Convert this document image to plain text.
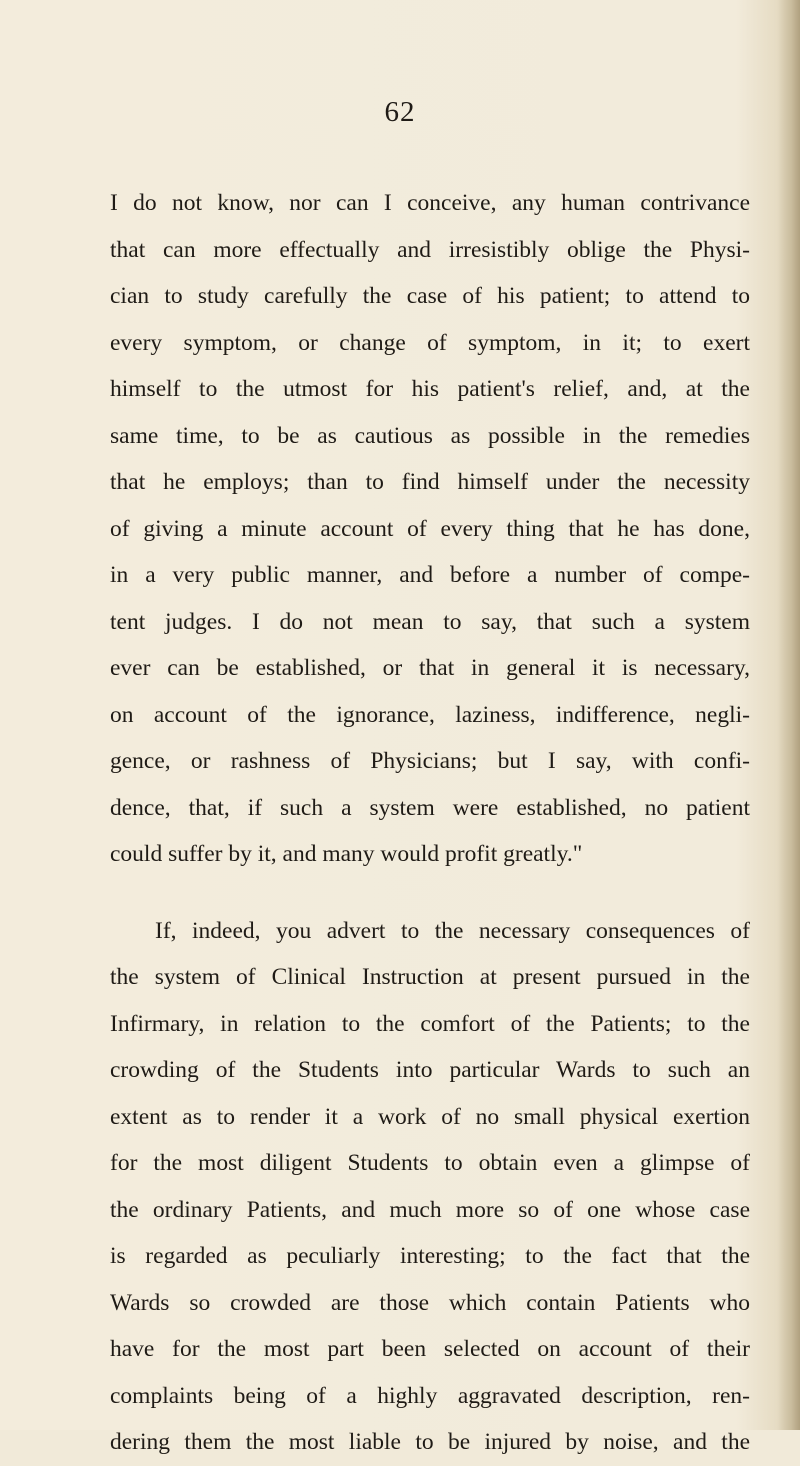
62
I do not know, nor can I conceive, any human contrivance
that can more effectually and irresistibly oblige the Physi-
cian to study carefully the case of his patient; to attend to
every symptom, or change of symptom, in it; to exert
himself to the utmost for his patient's relief, and, at the
same time, to be as cautious as possible in the remedies
that he employs; than to find himself under the necessity
of giving a minute account of every thing that he has done,
in a very public manner, and before a number of compe-
tent judges. I do not mean to say, that such a system
ever can be established, or that in general it is necessary,
on account of the ignorance, laziness, indifference, negli-
gence, or rashness of Physicians; but I say, with confi-
dence, that, if such a system were established, no patient
could suffer by it, and many would profit greatly."
If, indeed, you advert to the necessary consequences of
the system of Clinical Instruction at present pursued in the
Infirmary, in relation to the comfort of the Patients; to the
crowding of the Students into particular Wards to such an
extent as to render it a work of no small physical exertion
for the most diligent Students to obtain even a glimpse of
the ordinary Patients, and much more so of one whose case
is regarded as peculiarly interesting; to the fact that the
Wards so crowded are those which contain Patients who
have for the most part been selected on account of their
complaints being of a highly aggravated description, ren-
dering them the most liable to be injured by noise, and the
